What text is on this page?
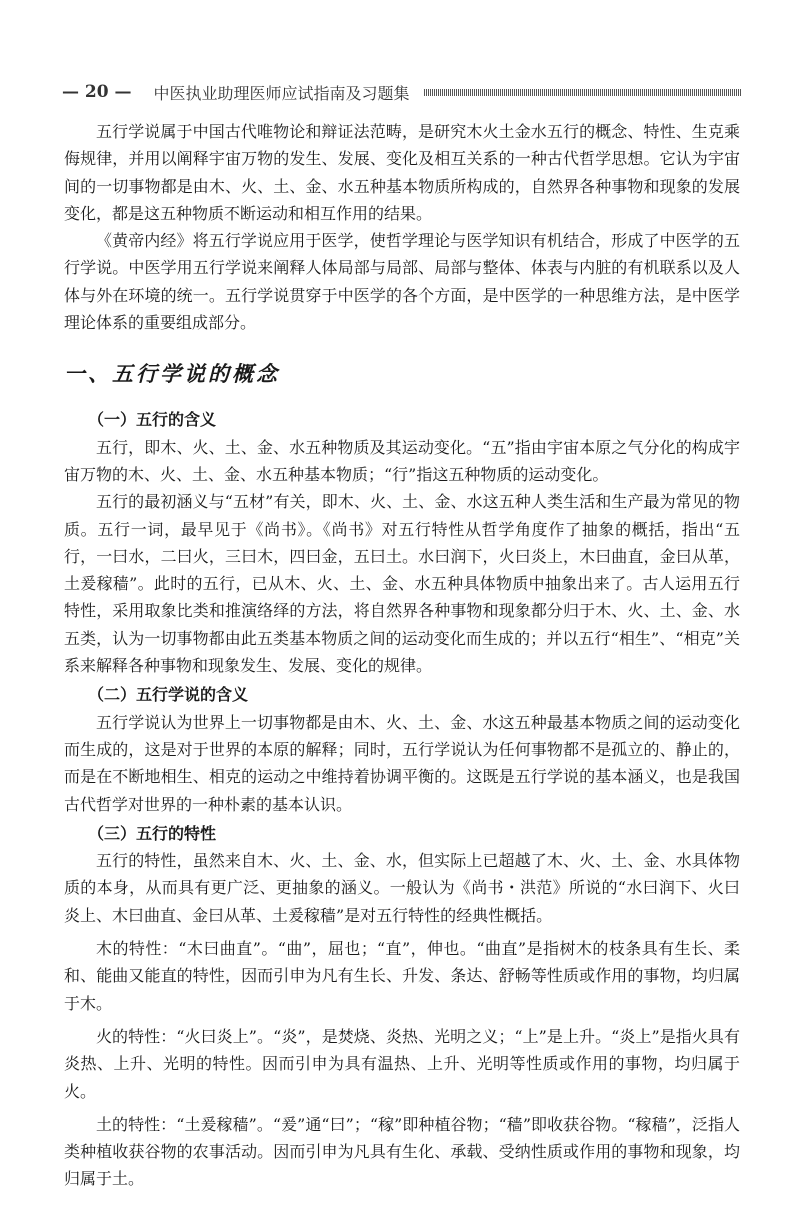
— 20 — 中医执业助理医师应试指南及习题集

五行学说属于中国古代唯物论和辩证法范畴，是研究木火土金水五行的概念、特性、生克乘侮规律，并用以阐释宇宙万物的发生、发展、变化及相互关系的一种古代哲学思想。它认为宇宙间的一切事物都是由木、火、土、金、水五种基本物质所构成的，自然界各种事物和现象的发展变化，都是这五种物质不断运动和相互作用的结果。

《黄帝内经》将五行学说应用于医学，使哲学理论与医学知识有机结合，形成了中医学的五行学说。中医学用五行学说来阐释人体局部与局部、局部与整体、体表与内脏的有机联系以及人体与外在环境的统一。五行学说贯穿于中医学的各个方面，是中医学的一种思维方法，是中医学理论体系的重要组成部分。

一、五行学说的概念
（一）五行的含义

五行，即木、火、土、金、水五种物质及其运动变化。“五”指由宇宙本原之气分化的构成宇宙万物的木、火、土、金、水五种基本物质；“行”指这五种物质的运动变化。

五行的最初涵义与“五材”有关，即木、火、土、金、水这五种人类生活和生产最为常见的物质。五行一词，最早见于《尚书》。《尚书》对五行特性从哲学角度作了抽象的概括，指出“五行，一曰水，二曰火，三曰木，四曰金，五曰土。水曰润下，火曰炎上，木曰曲直，金曰从革，土爰稼穑”。此时的五行，已从木、火、土、金、水五种具体物质中抽象出来了。古人运用五行特性，采用取象比类和推演络绎的方法，将自然界各种事物和现象都分归于木、火、土、金、水五类，认为一切事物都由此五类基本物质之间的运动变化而生成的；并以五行“相生”、“相克”关系来解释各种事物和现象发生、发展、变化的规律。

（二）五行学说的含义

五行学说认为世界上一切事物都是由木、火、土、金、水这五种最基本物质之间的运动变化而生成的，这是对于世界的本原的解释；同时，五行学说认为任何事物都不是孤立的、静止的，而是在不断地相生、相克的运动之中维持着协调平衡的。这既是五行学说的基本涵义，也是我国古代哲学对世界的一种朴素的基本认识。

（三）五行的特性

五行的特性，虽然来自木、火、土、金、水，但实际上已超越了木、火、土、金、水具体物质的本身，从而具有更广泛、更抽象的涵义。一般认为《尚书・洪范》所说的“水曰润下、火曰炎上、木曰曲直、金曰从革、土爰稼穑”是对五行特性的经典性概括。

木的特性：“木曰曲直”。“曲”，屈也；“直”，伸也。“曲直”是指树木的枝条具有生长、柔和、能曲又能直的特性，因而引申为凡有生长、升发、条达、舒畅等性质或作用的事物，均归属于木。

火的特性：“火曰炎上”。“炎”，是焚烧、炎热、光明之义；“上”是上升。“炎上”是指火具有炎热、上升、光明的特性。因而引申为具有温热、上升、光明等性质或作用的事物，均归属于火。

土的特性：“土爰稼穑”。“爰”通“曰”；“稼”即种植谷物；“穑”即收获谷物。“稼穑”，泛指人类种植收获谷物的农事活动。因而引申为凡具有生化、承载、受纳性质或作用的事物和现象，均归属于土。
